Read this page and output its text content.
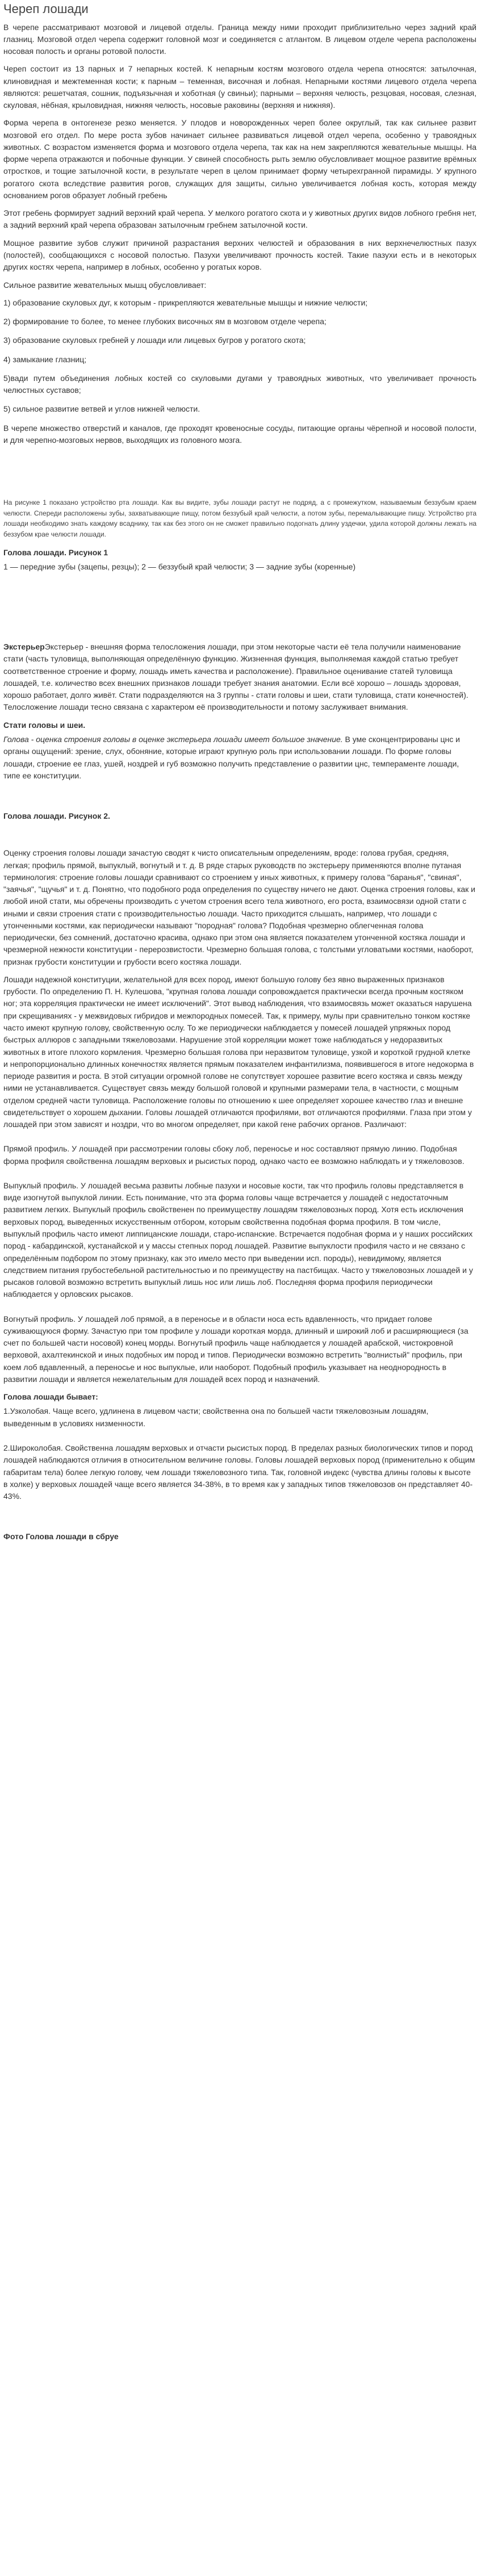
Череп лошади

В черепе рассматривают мозговой и лицевой отделы. Граница между ними проходит приблизительно через задний край глазниц. Мозговой отдел черепа содержит головной мозг и соединяется с атлантом. В лицевом отделе черепа расположены носовая полость и органы ротовой полости.

Череп состоит из 13 парных и 7 непарных костей. К непарным костям мозгового отдела черепа относятся: затылочная, клиновидная и межтеменная кости; к парным – теменная, височная и лобная. Непарными костями лицевого отдела черепа являются: решетчатая, сошник, подъязычная и хоботная (у свиньи); парными – верхняя челюсть, резцовая, носовая, слезная, скуловая, нёбная, крыловидная, нижняя челюсть, носовые раковины (верхняя и нижняя).

Форма черепа в онтогенезе резко меняется. У плодов и новорожденных череп более округлый, так как сильнее развит мозговой его отдел. По мере роста зубов начинает сильнее развиваться лицевой отдел черепа, особенно у травоядных животных. С возрастом изменяется форма и мозгового отдела черепа, так как на нем закрепляются жевательные мышцы. На форме черепа отражаются и побочные функции. У свиней способность рыть землю обусловливает мощное развитие врёмных отростков, и тощие затылочной кости, в результате череп в целом принимает форму четырехгранной пирамиды. У крупного рогатого скота вследствие развития рогов, служащих для защиты, сильно увеличивается лобная кость, которая между основанием рогов образует лобный гребень

Этот гребень формирует задний верхний край черепа. У мелкого рогатого скота и у животных других видов лобного гребня нет, а задний верхний край черепа образован затылочным гребнем затылочной кости.

Мощное развитие зубов служит причиной разрастания верхних челюстей и образования в них верхнечелюстных пазух (полостей), сообщающихся с носовой полостью. Пазухи увеличивают прочность костей. Такие пазухи есть и в некоторых других костях черепа, например в лобных, особенно у рогатых коров.

Сильное развитие жевательных мышц обусловливает:

1) образование скуловых дуг, к которым - прикрепляются жевательные мышцы и нижние челюсти;

2) формирование то более, то менее глубоких височных ям в мозговом отделе черепа;

3) образование скуловых гребней у лошади или лицевых бугров у рогатого скота;

4) замыкание глазниц;

5)вади путем объединения лобных костей со скуловыми дугами у травоядных животных, что увеличивает прочность челюстных суставов;

5) сильное развитие ветвей и углов нижней челюсти.

В черепе множество отверстий и каналов, где проходят кровеносные сосуды, питающие органы чёрепной и носовой полости, и для черепно-мозговых нервов, выходящих из головного мозга.

На рисунке 1 показано устройство рта лошади. Как вы видите, зубы лошади растут не подряд, а с промежутком, называемым беззубым краем челюсти. Спереди расположены зубы, захватывающие пищу, потом беззубый край челюсти, а потом зубы, перемалывающие пищу. Устройство рта лошади необходимо знать каждому всаднику, так как без этого он не сможет правильно подогнать длину уздечки, удила которой должны лежать на беззубом крае челюсти лошади.

Голова лошади. Рисунок 1

1 — передние зубы (зацепы, резцы); 2 — беззубый край челюсти; 3 — задние зубы (коренные)

ЭкстерьерЭкстерьер - внешняя форма телосложения лошади, при этом некоторые части её тела получили наименование стати (часть туловища, выполняющая определённую функцию. Жизненная функция, выполняемая каждой статью требует соответственное строение и форму, лошадь иметь качества и расположение). Правильное оценивание статей туловища лошадей, т.е. количество всех внешних признаков лошади требует знания анатомии. Если всё хорошо – лошадь здоровая, хорошо работает, долго живёт. Стати подразделяются на 3 группы - стати головы и шеи, стати туловища, стати конечностей). Телосложение лошади тесно связана с характером её производительности и потому заслуживает внимания.

Стати головы и шеи.

Голова - оценка строения головы в оценке экстерьера лошади имеет большое значение. В уме сконцентрированы цнс и органы ощущений: зрение, слух, обоняние, которые играют крупную роль при использовании лошади. По форме головы лошади, строение ее глаз, ушей, ноздрей и губ возможно получить представление о развитии цнс, темпераменте лошади, типе ее конституции.

Голова лошади. Рисунок 2.

Оценку строения головы лошади зачастую сводят к чисто описательным определениям, вроде: голова грубая, средняя, легкая; профиль прямой, выпуклый, вогнутый и т. д. В ряде старых руководств по экстерьеру применяются вполне путаная терминология: строение головы лошади сравнивают со строением у иных животных, к примеру голова "баранья", "свиная", "заячья", "щучья" и т. д. Понятно, что подобного рода определения по существу ничего не дают. Оценка строения головы, как и любой иной стати, мы обречены производить с учетом строения всего тела животного, его роста, взаимосвязи одной стати с иными и связи строения стати с производительностью лошади. Часто приходится слышать, например, что лошади с утонченными костями, как периодически называют "породная" голова? Подобная чрезмерно облегченная голова периодически, без сомнений, достаточно красива, однако при этом она является показателем утонченной костяка лошади и чрезмерной нежности конституции - перерозвистости. Чрезмерно большая голова, с толстыми угловатыми костями, наоборот, признак грубости конституции и грубости всего костяка лошади.

Лошади надежной конституции, желательной для всех пород, имеют большую голову без явно выраженных признаков грубости. По определению П. Н. Кулешова, "крупная голова лошади сопровождается практически всегда прочным костяком ног; эта корреляция практически не имеет исключений". Этот вывод наблюдения, что взаимосвязь может оказаться нарушена при скрещиваниях - у межвидовых гибридов и межпородных помесей. Так, к примеру, мулы при сравнительно тонком костяке часто имеют крупную голову, свойственную ослу. То же периодически наблюдается у помесей лошадей упряжных пород быстрых аллюров с западными тяжеловозами. Нарушение этой корреляции может тоже наблюдаться у недоразвитых животных в итоге плохого кормления. Чрезмерно большая голова при неразвитом туловище, узкой и короткой грудной клетке и непропорционально длинных конечностях является прямым показателем инфантилизма, появившегося в итоге недокорма в периоде развития и роста. В этой ситуации огромной голове не сопутствует хорошее развитие всего костяка и связь между ними не устанавливается. Существует связь между большой головой и крупными размерами тела, в частности, с мощным отделом средней части туловища. Расположение головы по отношению к шее определяет хорошее качество глаз и внешне свидетельствует о хорошем дыхании. Головы лошадей отличаются профилями, вот отличаются профилями. Глаза при этом у лошадей при этом зависят и ноздри, что во многом определяет, при какой гене рабочих органов. Различают:

Прямой профиль. У лошадей при рассмотрении головы сбоку лоб, переносье и нос составляют прямую линию. Подобная форма профиля свойственна лошадям верховых и рысистых пород, однако часто ее возможно наблюдать и у тяжеловозов.

Выпуклый профиль. У лошадей весьма развиты лобные пазухи и носовые кости, так что профиль головы представляется в виде изогнутой выпуклой линии. Есть понимание, что эта форма головы чаще встречается у лошадей с недостаточным развитием легких. Выпуклый профиль свойственен по преимуществу лошадям тяжеловозных пород. Хотя есть исключения верховых пород, выведенных искусственным отбором, которым свойственна подобная форма профиля. В том числе, выпуклый профиль часто имеют липпицанские лошади, старо-испанские. Встречается подобная форма и у наших российских пород - кабардинской, кустанайской и у массы степных пород лошадей. Развитие выпуклости профиля часто и не связано с определённым подбором по этому признаку, как это имело место при выведении исп. породы), невидимому, является следствием питания грубостебельной растительностью и по преимуществу на пастбищах. Часто у тяжеловозных лошадей и у рысаков головой возможно встретить выпуклый лишь нос или лишь лоб. Последняя форма профиля периодически наблюдается у орловских рысаков.

Вогнутый профиль. У лошадей лоб прямой, а в переносье и в области носа есть вдавленность, что придает голове суживающуюся форму. Зачастую при том профиле у лошади короткая морда, длинный и широкий лоб и расширяющиеся (за счет по большей части носовой) конец морды. Вогнутый профиль чаще наблюдается у лошадей арабской, чистокровной верховой, ахалтекинской и иных подобных им пород и типов. Периодически возможно встретить "волнистый" профиль, при коем лоб вдавленный, а переносье и нос выпуклые, или наоборот. Подобный профиль указывает на неоднородность в развитии лошади и является нежелательным для лошадей всех пород и назначений.

Голова лошади бывает:

1.Узколобая. Чаще всего, удлинена в лицевом части; свойственна она по большей части тяжеловозным лошадям, выведенным в условиях низменности.

2.Широколобая. Свойственна лошадям верховых и отчасти рысистых пород. В пределах разных биологических типов и пород лошадей наблюдаются отличия в относительном величине головы. Головы лошадей верховых пород (применительно к общим габаритам тела) более легкую голову, чем лошади тяжеловозного типа. Так, головной индекс (чувства длины головы к высоте в холке) у верховых лошадей чаще всего является 34-38%, в то время как у западных типов тяжеловозов он представляет 40-43%.

Фото Голова лошади в сбруе
